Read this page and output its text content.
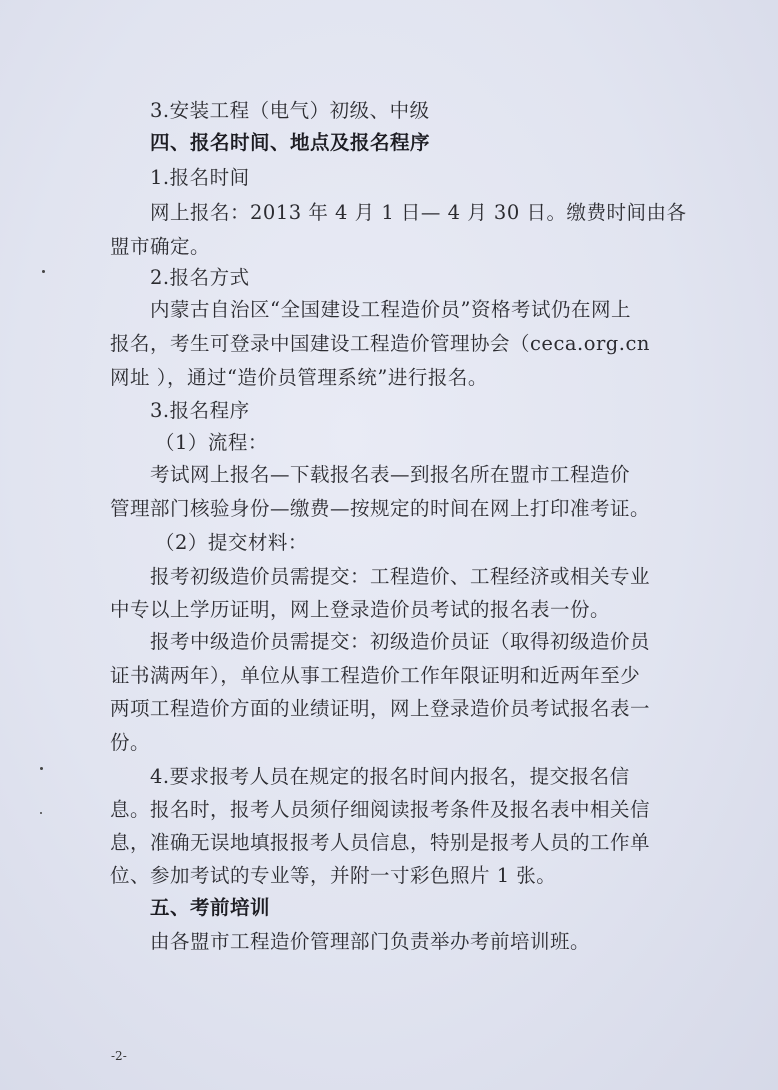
3.安装工程（电气）初级、中级
四、报名时间、地点及报名程序
1.报名时间
网上报名：2013 年 4 月 1 日— 4 月 30 日。缴费时间由各
盟市确定。
2.报名方式
内蒙古自治区“全国建设工程造价员”资格考试仍在网上
报名，考生可登录中国建设工程造价管理协会（ceca.org.cn
网址 ），通过“造价员管理系统”进行报名。
3.报名程序
（1）流程：
考试网上报名—下载报名表—到报名所在盟市工程造价
管理部门核验身份—缴费—按规定的时间在网上打印准考证。
（2）提交材料：
报考初级造价员需提交：工程造价、工程经济或相关专业
中专以上学历证明，网上登录造价员考试的报名表一份。
报考中级造价员需提交：初级造价员证（取得初级造价员
证书满两年），单位从事工程造价工作年限证明和近两年至少
两项工程造价方面的业绩证明，网上登录造价员考试报名表一
份。
4.要求报考人员在规定的报名时间内报名，提交报名信
息。报名时，报考人员须仔细阅读报考条件及报名表中相关信
息，准确无误地填报报考人员信息，特别是报考人员的工作单
位、参加考试的专业等，并附一寸彩色照片 1 张。
五、考前培训
由各盟市工程造价管理部门负责举办考前培训班。
-2-
